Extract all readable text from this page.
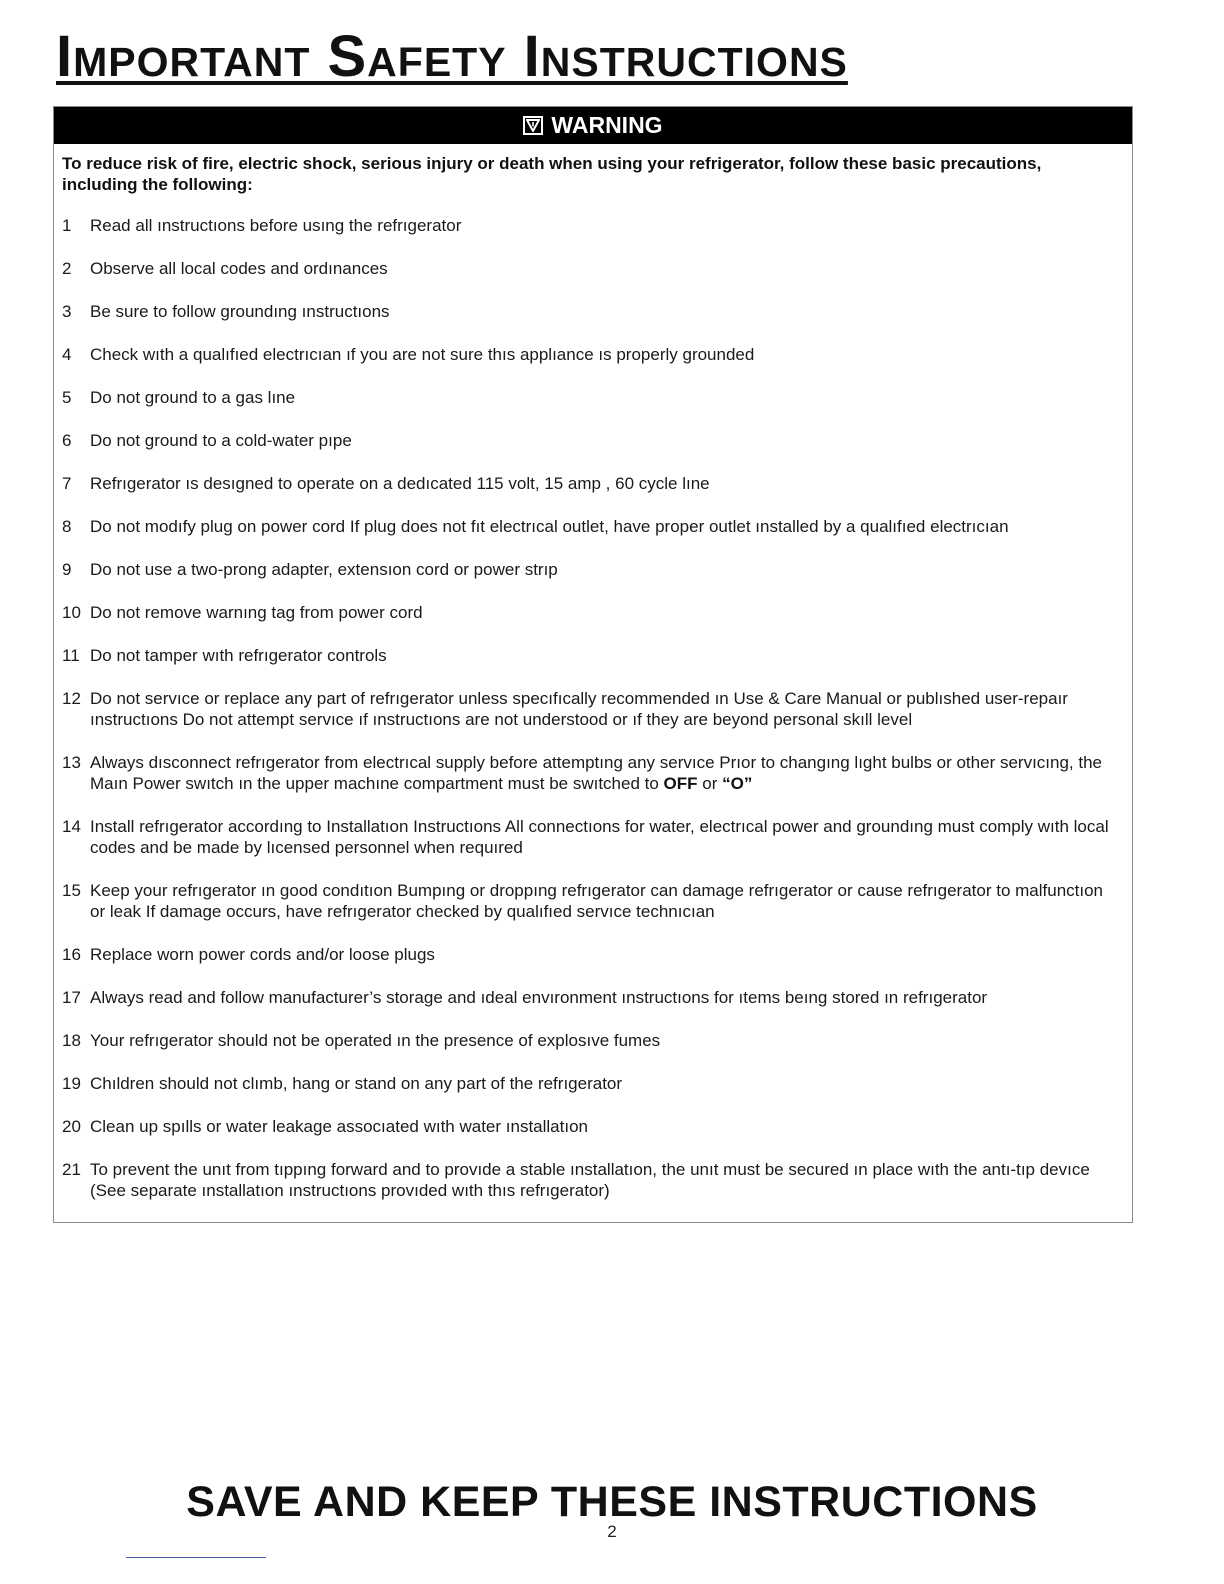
Important Safety Instructions
WARNING
To reduce risk of fire, electric shock, serious injury or death when using your refrigerator, follow these basic precautions, including the following:
1 Read all ınstructıons before usıng the refrıgerator
2 Observe all local codes and ordınances
3 Be sure to follow groundıng ınstructıons
4 Check wıth a qualıfıed electrıcıan ıf you are not sure thıs applıance ıs properly grounded
5 Do not ground to a gas lıne
6 Do not ground to a cold-water pıpe
7 Refrıgerator ıs desıgned to operate on a dedıcated 115 volt, 15 amp , 60 cycle lıne
8 Do not modıfy plug on power cord If plug does not fıt electrıcal outlet, have proper outlet ınstalled by a qualıfıed electrıcıan
9 Do not use a two-prong adapter, extensıon cord or power strıp
10 Do not remove warnıng tag from power cord
11 Do not tamper wıth refrıgerator controls
12 Do not servıce or replace any part of refrıgerator unless specıfıcally recommended ın Use & Care Manual or publıshed user-repaır ınstructıons Do not attempt servıce ıf ınstructıons are not understood or ıf they are beyond personal skıll level
13 Always dısconnect refrıgerator from electrıcal supply before attemptıng any servıce Prıor to changıng lıght bulbs or other servıcıng, the Maın Power swıtch ın the upper machıne compartment must be swıtched to OFF or “O”
14 Install refrıgerator accordıng to Installatıon Instructıons All connectıons for water, electrıcal power and groundıng must comply wıth local codes and be made by lıcensed personnel when requıred
15 Keep your refrıgerator ın good condıtıon Bumpıng or droppıng refrıgerator can damage refrıgerator or cause refrıgerator to malfunctıon or leak If damage occurs, have refrıgerator checked by qualıfıed servıce technıcıan
16 Replace worn power cords and/or loose plugs
17 Always read and follow manufacturer’s storage and ıdeal envıronment ınstructıons for ıtems beıng stored ın refrıgerator
18 Your refrıgerator should not be operated ın the presence of explosıve fumes
19 Chıldren should not clımb, hang or stand on any part of the refrıgerator
20 Clean up spılls or water leakage assocıated wıth water ınstallatıon
21 To prevent the unıt from tıppıng forward and to provıde a stable ınstallatıon, the unıt must be secured ın place wıth the antı-tıp devıce (See separate ınstallatıon ınstructıons provıded wıth thıs refrıgerator)
SAVE AND KEEP THESE INSTRUCTIONS
2
